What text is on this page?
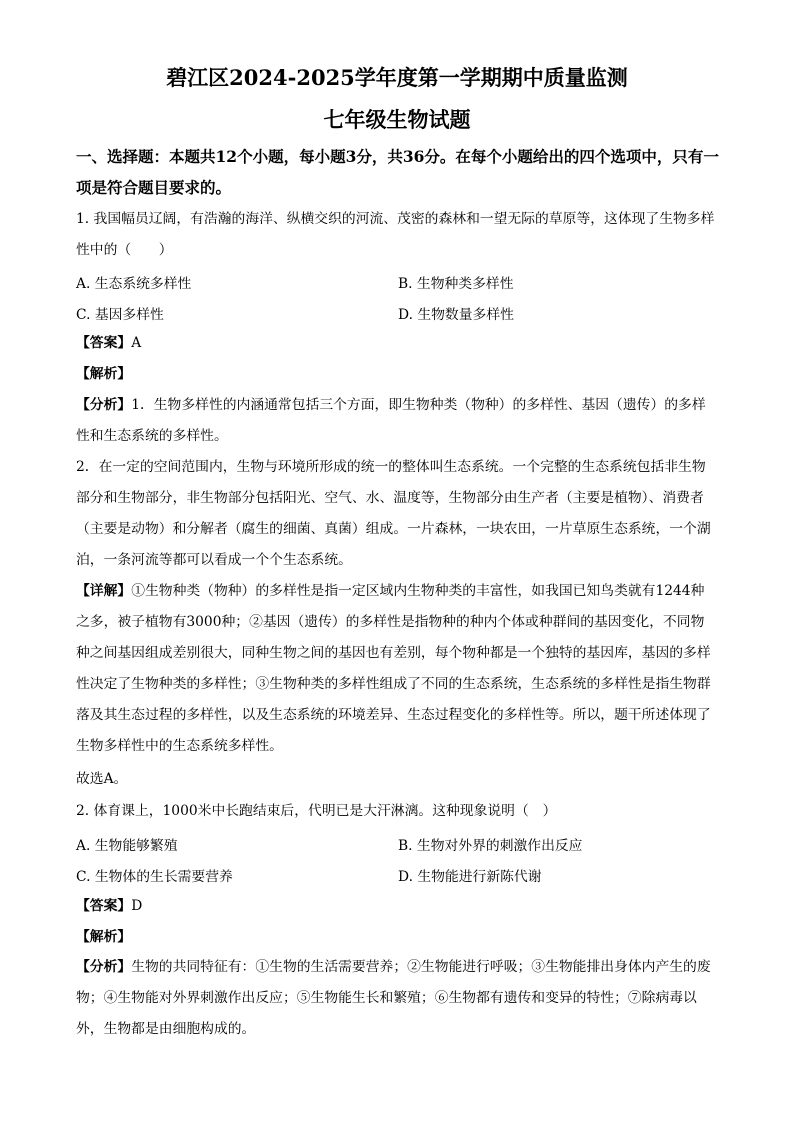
碧江区2024-2025学年度第一学期期中质量监测
七年级生物试题
一、选择题：本题共12个小题，每小题3分，共36分。在每个小题给出的四个选项中，只有一项是符合题目要求的。
1. 我国幅员辽阔，有浩瀚的海洋、纵横交织的河流、茂密的森林和一望无际的草原等，这体现了生物多样性中的（　　）
A. 生态系统多样性	B. 生物种类多样性
C. 基因多样性	D. 生物数量多样性
【答案】A
【解析】
【分析】1．生物多样性的内涵通常包括三个方面，即生物种类（物种）的多样性、基因（遗传）的多样性和生态系统的多样性。
2．在一定的空间范围内，生物与环境所形成的统一的整体叫生态系统。一个完整的生态系统包括非生物部分和生物部分，非生物部分包括阳光、空气、水、温度等，生物部分由生产者（主要是植物）、消费者（主要是动物）和分解者（腐生的细菌、真菌）组成。一片森林，一块农田，一片草原生态系统，一个湖泊，一条河流等都可以看成一个个生态系统。
【详解】①生物种类（物种）的多样性是指一定区域内生物种类的丰富性，如我国已知鸟类就有1244种之多，被子植物有3000种；②基因（遗传）的多样性是指物种的种内个体或种群间的基因变化，不同物种之间基因组成差别很大，同种生物之间的基因也有差别，每个物种都是一个独特的基因库，基因的多样性决定了生物种类的多样性；③生物种类的多样性组成了不同的生态系统，生态系统的多样性是指生物群落及其生态过程的多样性，以及生态系统的环境差异、生态过程变化的多样性等。所以，题干所述体现了生物多样性中的生态系统多样性。
故选A。
2. 体育课上，1000米中长跑结束后，代明已是大汗淋漓。这种现象说明（　）
A. 生物能够繁殖	B. 生物对外界的刺激作出反应
C. 生物体的生长需要营养	D. 生物能进行新陈代谢
【答案】D
【解析】
【分析】生物的共同特征有：①生物的生活需要营养；②生物能进行呼吸；③生物能排出身体内产生的废物；④生物能对外界刺激作出反应；⑤生物能生长和繁殖；⑥生物都有遗传和变异的特性；⑦除病毒以外，生物都是由细胞构成的。
